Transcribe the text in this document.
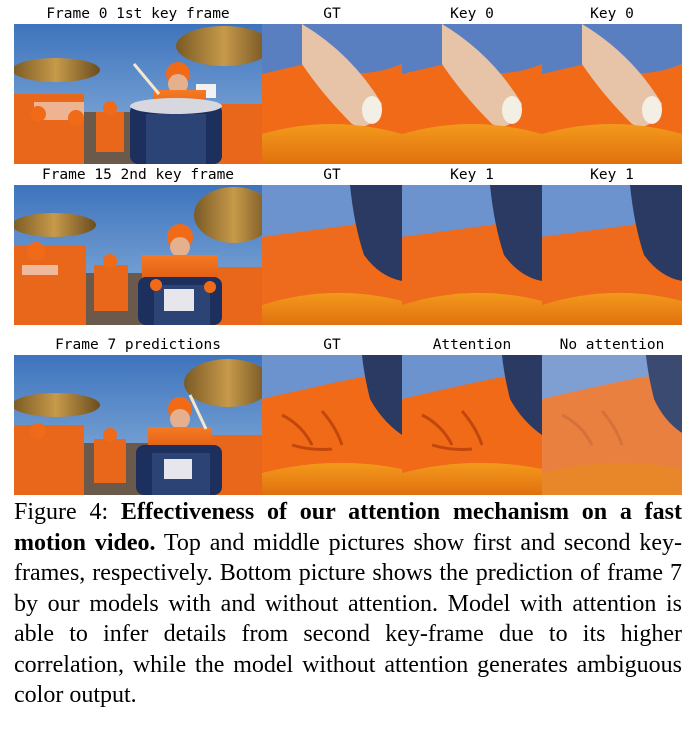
Frame 0 1st key frame	GT	Key 0	Key 0
Frame 15 2nd key frame	GT	Key 1	Key 1
Frame 7 predictions	GT	Attention	No attention
Figure 4: Effectiveness of our attention mechanism on a fast motion video. Top and middle pictures show first and second key-frames, respectively. Bottom picture shows the prediction of frame 7 by our models with and without attention. Model with attention is able to infer details from second key-frame due to its higher correlation, while the model without attention generates ambiguous color output.
